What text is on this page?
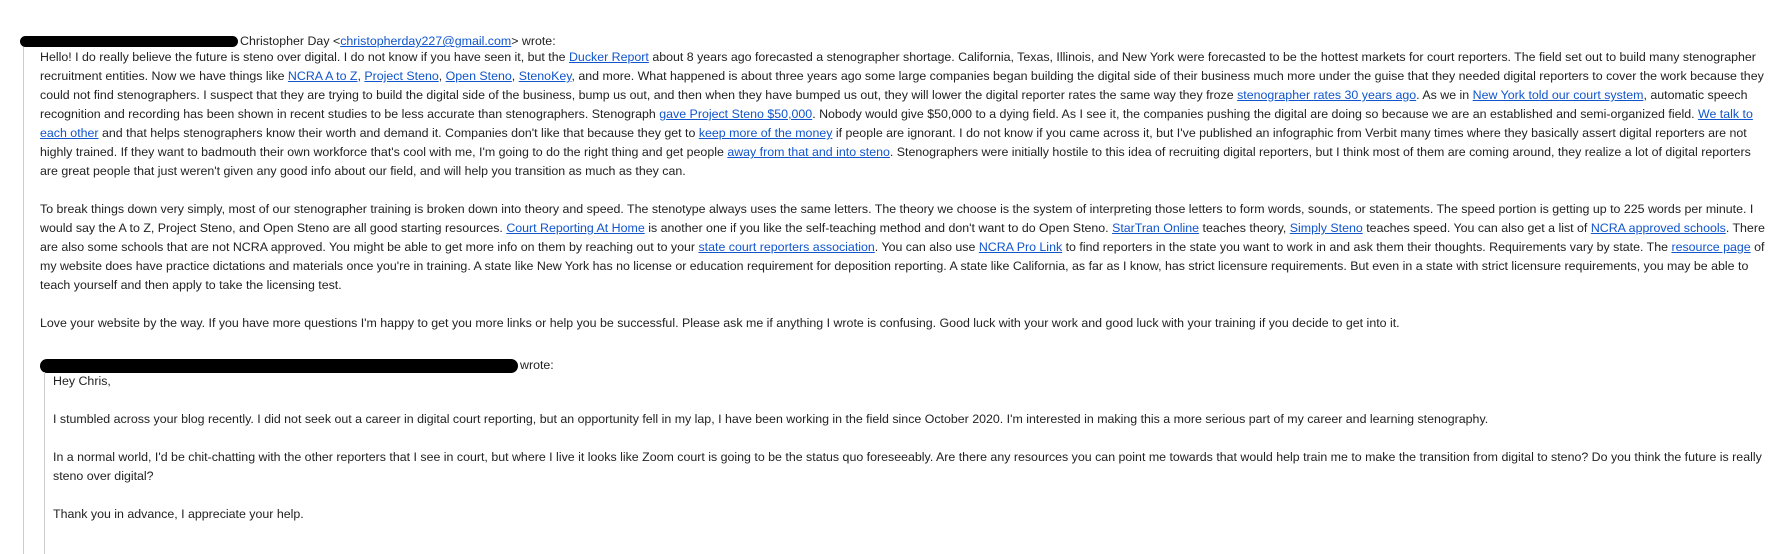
Christopher Day <christopherday227@gmail.com> wrote:

Hello! I do really believe the future is steno over digital. I do not know if you have seen it, but the Ducker Report about 8 years ago forecasted a stenographer shortage. California, Texas, Illinois, and New York were forecasted to be the hottest markets for court reporters. The field set out to build many stenographer recruitment entities. Now we have things like NCRA A to Z, Project Steno, Open Steno, StenoKey, and more. What happened is about three years ago some large companies began building the digital side of their business much more under the guise that they needed digital reporters to cover the work because they could not find stenographers. I suspect that they are trying to build the digital side of the business, bump us out, and then when they have bumped us out, they will lower the digital reporter rates the same way they froze stenographer rates 30 years ago. As we in New York told our court system, automatic speech recognition and recording has been shown in recent studies to be less accurate than stenographers. Stenograph gave Project Steno $50,000. Nobody would give $50,000 to a dying field. As I see it, the companies pushing the digital are doing so because we are an established and semi-organized field. We talk to each other and that helps stenographers know their worth and demand it. Companies don't like that because they get to keep more of the money if people are ignorant. I do not know if you came across it, but I've published an infographic from Verbit many times where they basically assert digital reporters are not highly trained. If they want to badmouth their own workforce that's cool with me, I'm going to do the right thing and get people away from that and into steno. Stenographers were initially hostile to this idea of recruiting digital reporters, but I think most of them are coming around, they realize a lot of digital reporters are great people that just weren't given any good info about our field, and will help you transition as much as they can.

To break things down very simply, most of our stenographer training is broken down into theory and speed. The stenotype always uses the same letters. The theory we choose is the system of interpreting those letters to form words, sounds, or statements. The speed portion is getting up to 225 words per minute. I would say the A to Z, Project Steno, and Open Steno are all good starting resources. Court Reporting At Home is another one if you like the self-teaching method and don't want to do Open Steno. StarTran Online teaches theory, Simply Steno teaches speed. You can also get a list of NCRA approved schools. There are also some schools that are not NCRA approved. You might be able to get more info on them by reaching out to your state court reporters association. You can also use NCRA Pro Link to find reporters in the state you want to work in and ask them their thoughts. Requirements vary by state. The resource page of my website does have practice dictations and materials once you're in training. A state like New York has no license or education requirement for deposition reporting. A state like California, as far as I know, has strict licensure requirements. But even in a state with strict licensure requirements, you may be able to teach yourself and then apply to take the licensing test.

Love your website by the way. If you have more questions I'm happy to get you more links or help you be successful. Please ask me if anything I wrote is confusing. Good luck with your work and good luck with your training if you decide to get into it.

wrote:

Hey Chris,

I stumbled across your blog recently. I did not seek out a career in digital court reporting, but an opportunity fell in my lap, I have been working in the field since October 2020. I'm interested in making this a more serious part of my career and learning stenography.

In a normal world, I'd be chit-chatting with the other reporters that I see in court, but where I live it looks like Zoom court is going to be the status quo foreseeably. Are there any resources you can point me towards that would help train me to make the transition from digital to steno? Do you think the future is really steno over digital?

Thank you in advance, I appreciate your help.
